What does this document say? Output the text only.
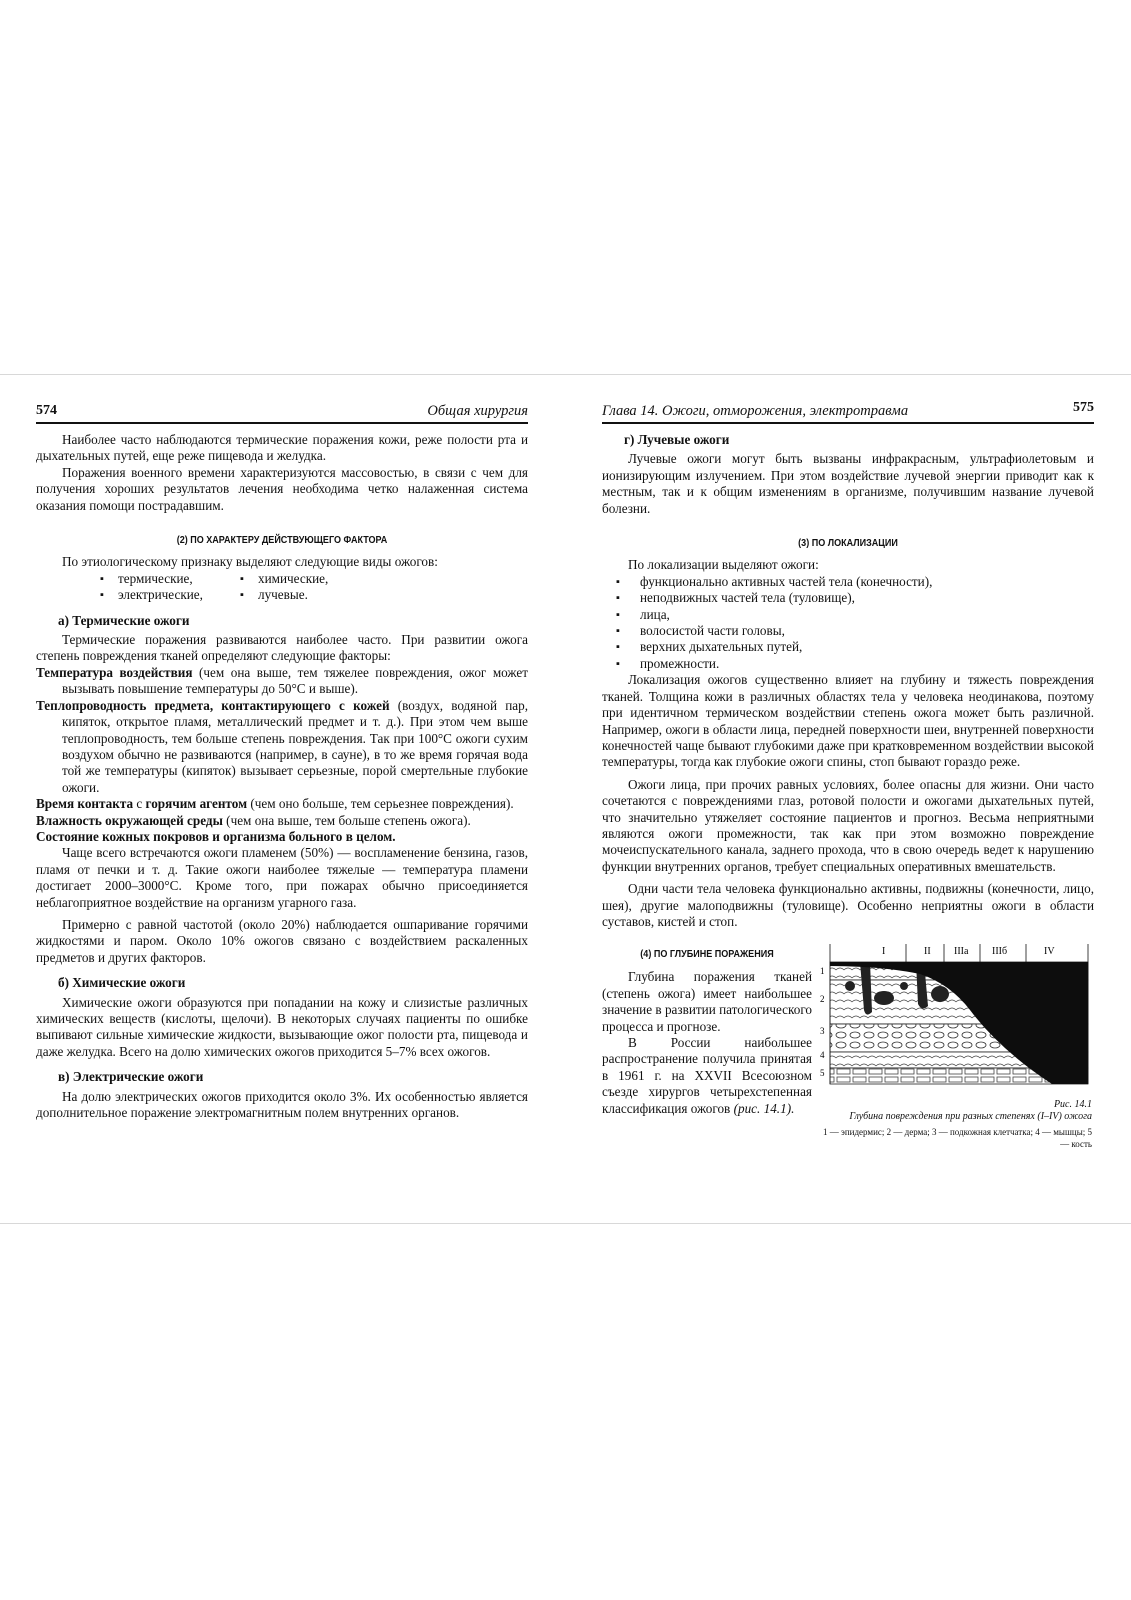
574	Общая хирургия

Наиболее часто наблюдаются термические поражения кожи, реже полости рта и дыхательных путей, еще реже пищевода и желудка.

Поражения военного времени характеризуются массовостью, в связи с чем для получения хороших результатов лечения необходима четко налаженная система оказания помощи пострадавшим.

(2) ПО ХАРАКТЕРУ ДЕЙСТВУЮЩЕГО ФАКТОРА

По этиологическому признаку выделяют следующие виды ожогов:

▪ термические,	▪ химические,
▪ электрические,	▪ лучевые.
а) Термические ожоги

Термические поражения развиваются наиболее часто. При развитии ожога степень повреждения тканей определяют следующие факторы:

Температура воздействия (чем она выше, тем тяжелее повреждения, ожог может вызывать повышение температуры до 50°С и выше).

Теплопроводность предмета, контактирующего с кожей (воздух, водяной пар, кипяток, открытое пламя, металлический предмет и т. д.). При этом чем выше теплопроводность, тем больше степень повреждения. Так при 100°С ожоги сухим воздухом обычно не развиваются (например, в сауне), в то же время горячая вода той же температуры (кипяток) вызывает серьезные, порой смертельные глубокие ожоги.

Время контакта с горячим агентом (чем оно больше, тем серьезнее повреждения).

Влажность окружающей среды (чем она выше, тем больше степень ожога).

Состояние кожных покровов и организма больного в целом.

Чаще всего встречаются ожоги пламенем (50%) — воспламенение бензина, газов, пламя от печки и т. д. Такие ожоги наиболее тяжелые — температура пламени достигает 2000–3000°С. Кроме того, при пожарах обычно присоединяется неблагоприятное воздействие на организм угарного газа.

Примерно с равной частотой (около 20%) наблюдается ошпаривание горячими жидкостями и паром. Около 10% ожогов связано с воздействием раскаленных предметов и других факторов.

б) Химические ожоги

Химические ожоги образуются при попадании на кожу и слизистые различных химических веществ (кислоты, щелочи). В некоторых случаях пациенты по ошибке выпивают сильные химические жидкости, вызывающие ожог полости рта, пищевода и даже желудка. Всего на долю химических ожогов приходится 5–7% всех ожогов.

в) Электрические ожоги

На долю электрических ожогов приходится около 3%. Их особенностью является дополнительное поражение электромагнитным полем внутренних органов.

Глава 14. Ожоги, отморожения, электротравма	575
г) Лучевые ожоги

Лучевые ожоги могут быть вызваны инфракрасным, ультрафиолетовым и ионизирующим излучением. При этом воздействие лучевой энергии приводит как к местным, так и к общим изменениям в организме, получившим название лучевой болезни.

(3) ПО ЛОКАЛИЗАЦИИ

По локализации выделяют ожоги:

▪ функционально активных частей тела (конечности),
▪ неподвижных частей тела (туловище),
▪ лица,
▪ волосистой части головы,
▪ верхних дыхательных путей,
▪ промежности.

Локализация ожогов существенно влияет на глубину и тяжесть повреждения тканей. Толщина кожи в различных областях тела у человека неодинакова, поэтому при идентичном термическом воздействии степень ожога может быть различной. Например, ожоги в области лица, передней поверхности шеи, внутренней поверхности конечностей чаще бывают глубокими даже при кратковременном воздействии высокой температуры, тогда как глубокие ожоги спины, стоп бывают гораздо реже.

Ожоги лица, при прочих равных условиях, более опасны для жизни. Они часто сочетаются с повреждениями глаз, ротовой полости и ожогами дыхательных путей, что значительно утяжеляет состояние пациентов и прогноз. Весьма неприятными являются ожоги промежности, так как при этом возможно повреждение мочеиспускательного канала, заднего прохода, что в свою очередь ведет к нарушению функции внутренних органов, требует специальных оперативных вмешательств.

Одни части тела человека функционально активны, подвижны (конечности, лицо, шея), другие малоподвижны (туловище). Особенно неприятны ожоги в области суставов, кистей и стоп.

(4) ПО ГЛУБИНЕ ПОРАЖЕНИЯ

Глубина поражения тканей (степень ожога) имеет наибольшее значение в развитии патологического процесса и прогнозе.

В России наибольшее распространение получила принятая в 1961 г. на XXVII Всесоюзном съезде хирургов четырехстепенная классификация ожогов (рис. 14.1).

I	II IIIa IIIб	IV
1
2
3
4
5
Рис. 14.1
Глубина повреждения при разных степенях (I–IV) ожога
1 — эпидермис; 2 — дерма; 3 — подкожная клетчатка; 4 — мышцы; 5 — кость
